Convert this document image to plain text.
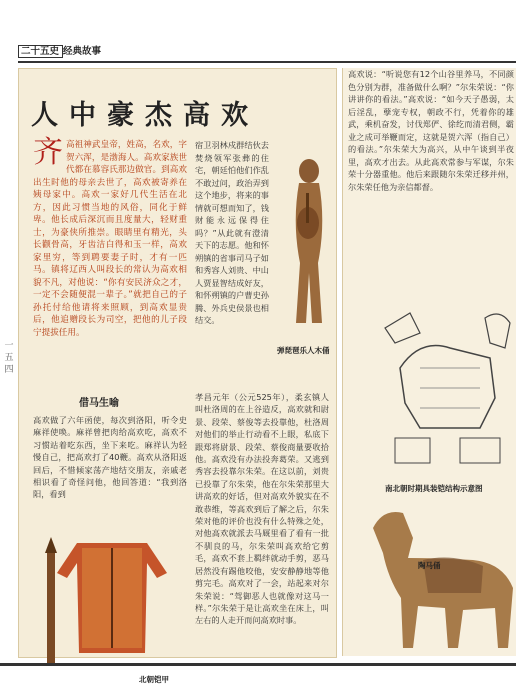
二十五史 经典故事
人中豪杰高欢
齐 高祖神武皇帝，姓高，名欢，字贺六浑，是渤海人。高欢家族世代都在慕容氏那边做官。到高欢出生时他的母亲去世了，高欢被寄养在姨母家中。高欢一家好几代生活在北方，因此习惯当地的风俗，同化于鲜卑。他长成后深沉而且度量大，轻财重士，为豪侠所推崇。眼睛里有精光，头长颧骨高，牙齿洁白得和玉一样，高欢家里穷，等到聘要妻子时，才有一匹马。镇将辽西人叫段长的常认为高欢相貌不凡，对他说：“你有安民济众之才，一定不会随便混一辈子。”就把自己的子孙托付给他请将来照顾，到高欢显贵后，他追赠段长为司空，把他的儿子段宁提拔任用。
宿卫羽林戍群结伙去焚烧领军张彝的住宅，朝廷怕他们作乱不敢过问，政治弄到这个地步，将来的事情就可想而知了，钱财能永远保得住吗？”从此就有澄清天下的志愿。他和怀朔镇的省事司马子如和秀容人刘贵、中山人贾显智结成好友，和怀朔镇的户曹史孙腾、外兵史侯景也相结交。
弹琵琶乐人木俑
借马生喻
高欢做了六年函使，每次到洛阳，听令史麻祥使唤。麻祥曾把肉给高欢吃，高欢不习惯站着吃东西，坐下来吃。麻祥认为轻慢自己，把高欢打了40鞭。高欢从洛阳返回后，不惜倾家荡产地结交朋友，亲戚老相识看了奇怪问他，他回答道：“我到洛阳，看到
孝昌元年（公元525年），柔玄镇人叫杜洛周的在上谷造反，高欢就和尉景、段荣、蔡俊等去投靠他，杜洛周对他们的举止行动看不上眼，私底下跟郑将尉景、段荣、蔡俊商量要收拾他。高欢没有办法投奔葛荣。又逃到秀容去投靠尔朱荣。在这以前，刘贵已投靠了尔朱荣，他在尔朱荣那里大讲高欢的好话，但对高欢外貌实在不敢恭维，等高欢到后了解之后，尔朱荣对他的评价也没有什么特殊之处，对他高欢就派去马厩里看了看有一批不驯良的马，尔朱荣叫高欢给它剪毛，高欢不套上羁绊就动手剪，恶马居然没有踢他咬他，安安静静地等他剪完毛。高欢对了一会，站起来对尔朱荣说：“驾御恶人也就像对这马一样。”尔朱荣于是让高欢坐在床上，叫左右的人走开而问高欢时事。
北朝铠甲
高欢说：“听说您有12个山谷里养马，不同颜色分别为群，准备做什么啊？”尔朱荣说：“你讲讲你的看法。”高欢说：“如今天子愚弱，太后淫乱，孽宠专权，朝政不行，凭着你的雄武，乘机奋发，讨伐郑俨、徐纥而清君侧，霸业之成可举鞭而定，这就是贺六浑（指自己）的看法。”尔朱荣大为高兴，从中午谈到半夜里，高欢才出去。从此高欢常参与军谋，尔朱荣十分器重他。他后来跟随尔朱荣迁移并州，尔朱荣任他为亲信都督。
南北朝时期具装铠结构示意图
陶马俑
一五四
